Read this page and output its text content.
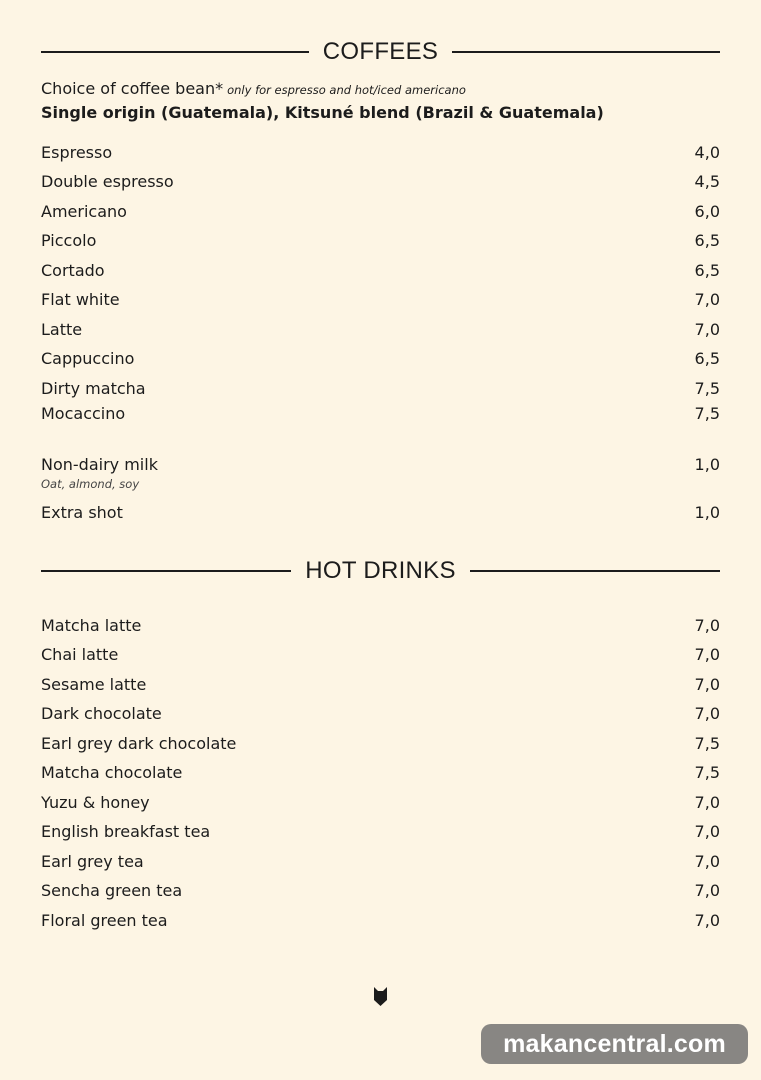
COFFEES
Choice of coffee bean* only for espresso and hot/iced americano
Single origin (Guatemala), Kitsuné blend (Brazil & Guatemala)
Espresso	4,0
Double espresso	4,5
Americano	6,0
Piccolo	6,5
Cortado	6,5
Flat white	7,0
Latte	7,0
Cappuccino	6,5
Dirty matcha	7,5
Mocaccino	7,5
Non-dairy milk	1,0
Oat, almond, soy
Extra shot	1,0
HOT DRINKS
Matcha latte	7,0
Chai latte	7,0
Sesame latte	7,0
Dark chocolate	7,0
Earl grey dark chocolate	7,5
Matcha chocolate	7,5
Yuzu & honey	7,0
English breakfast tea	7,0
Earl grey tea	7,0
Sencha green tea	7,0
Floral green tea	7,0
makancentral.com
